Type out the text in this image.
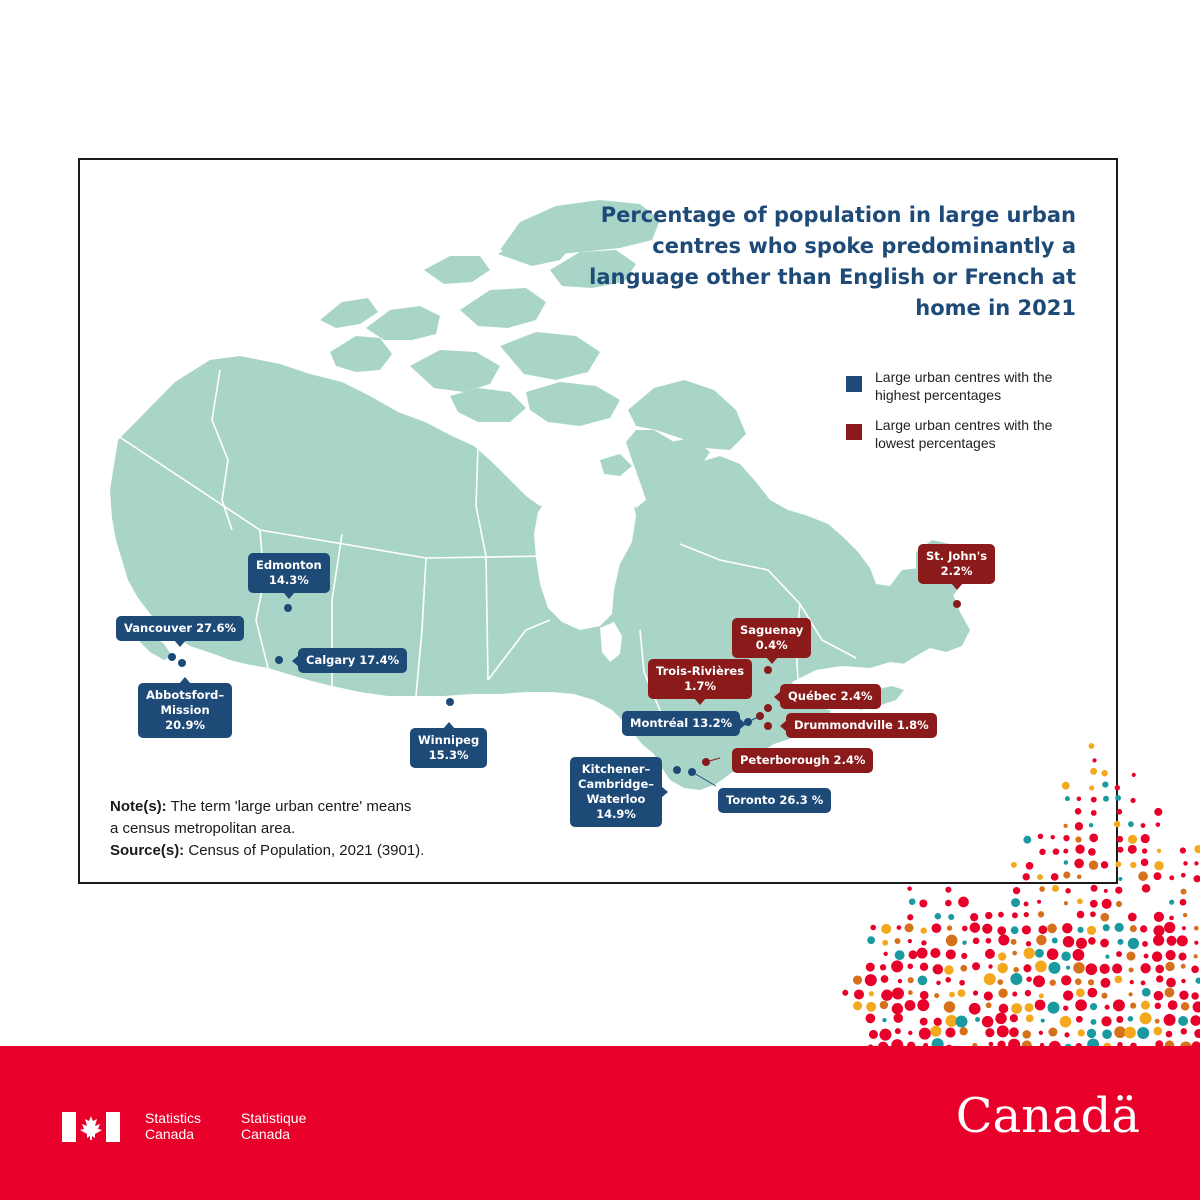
Percentage of population in large urban centres who spoke predominantly a language other than English or French at home in 2021
Large urban centres with the highest percentages
Large urban centres with the lowest percentages
Vancouver 27.6%
Abbotsford–
Mission
20.9%
Edmonton
14.3%
Calgary 17.4%
Winnipeg
15.3%
Kitchener–
Cambridge–
Waterloo
14.9%
Toronto 26.3 %
Montréal 13.2%
Peterborough 2.4%
Drummondville 1.8%
Québec 2.4%
Trois-Rivières
1.7%
Saguenay
0.4%
St. John's
2.2%

Note(s): The term 'large urban centre' means

a census metropolitan area.

Source(s): Census of Population, 2021 (3901).

Statistics

Canada

Statistique

Canada	Canadä
